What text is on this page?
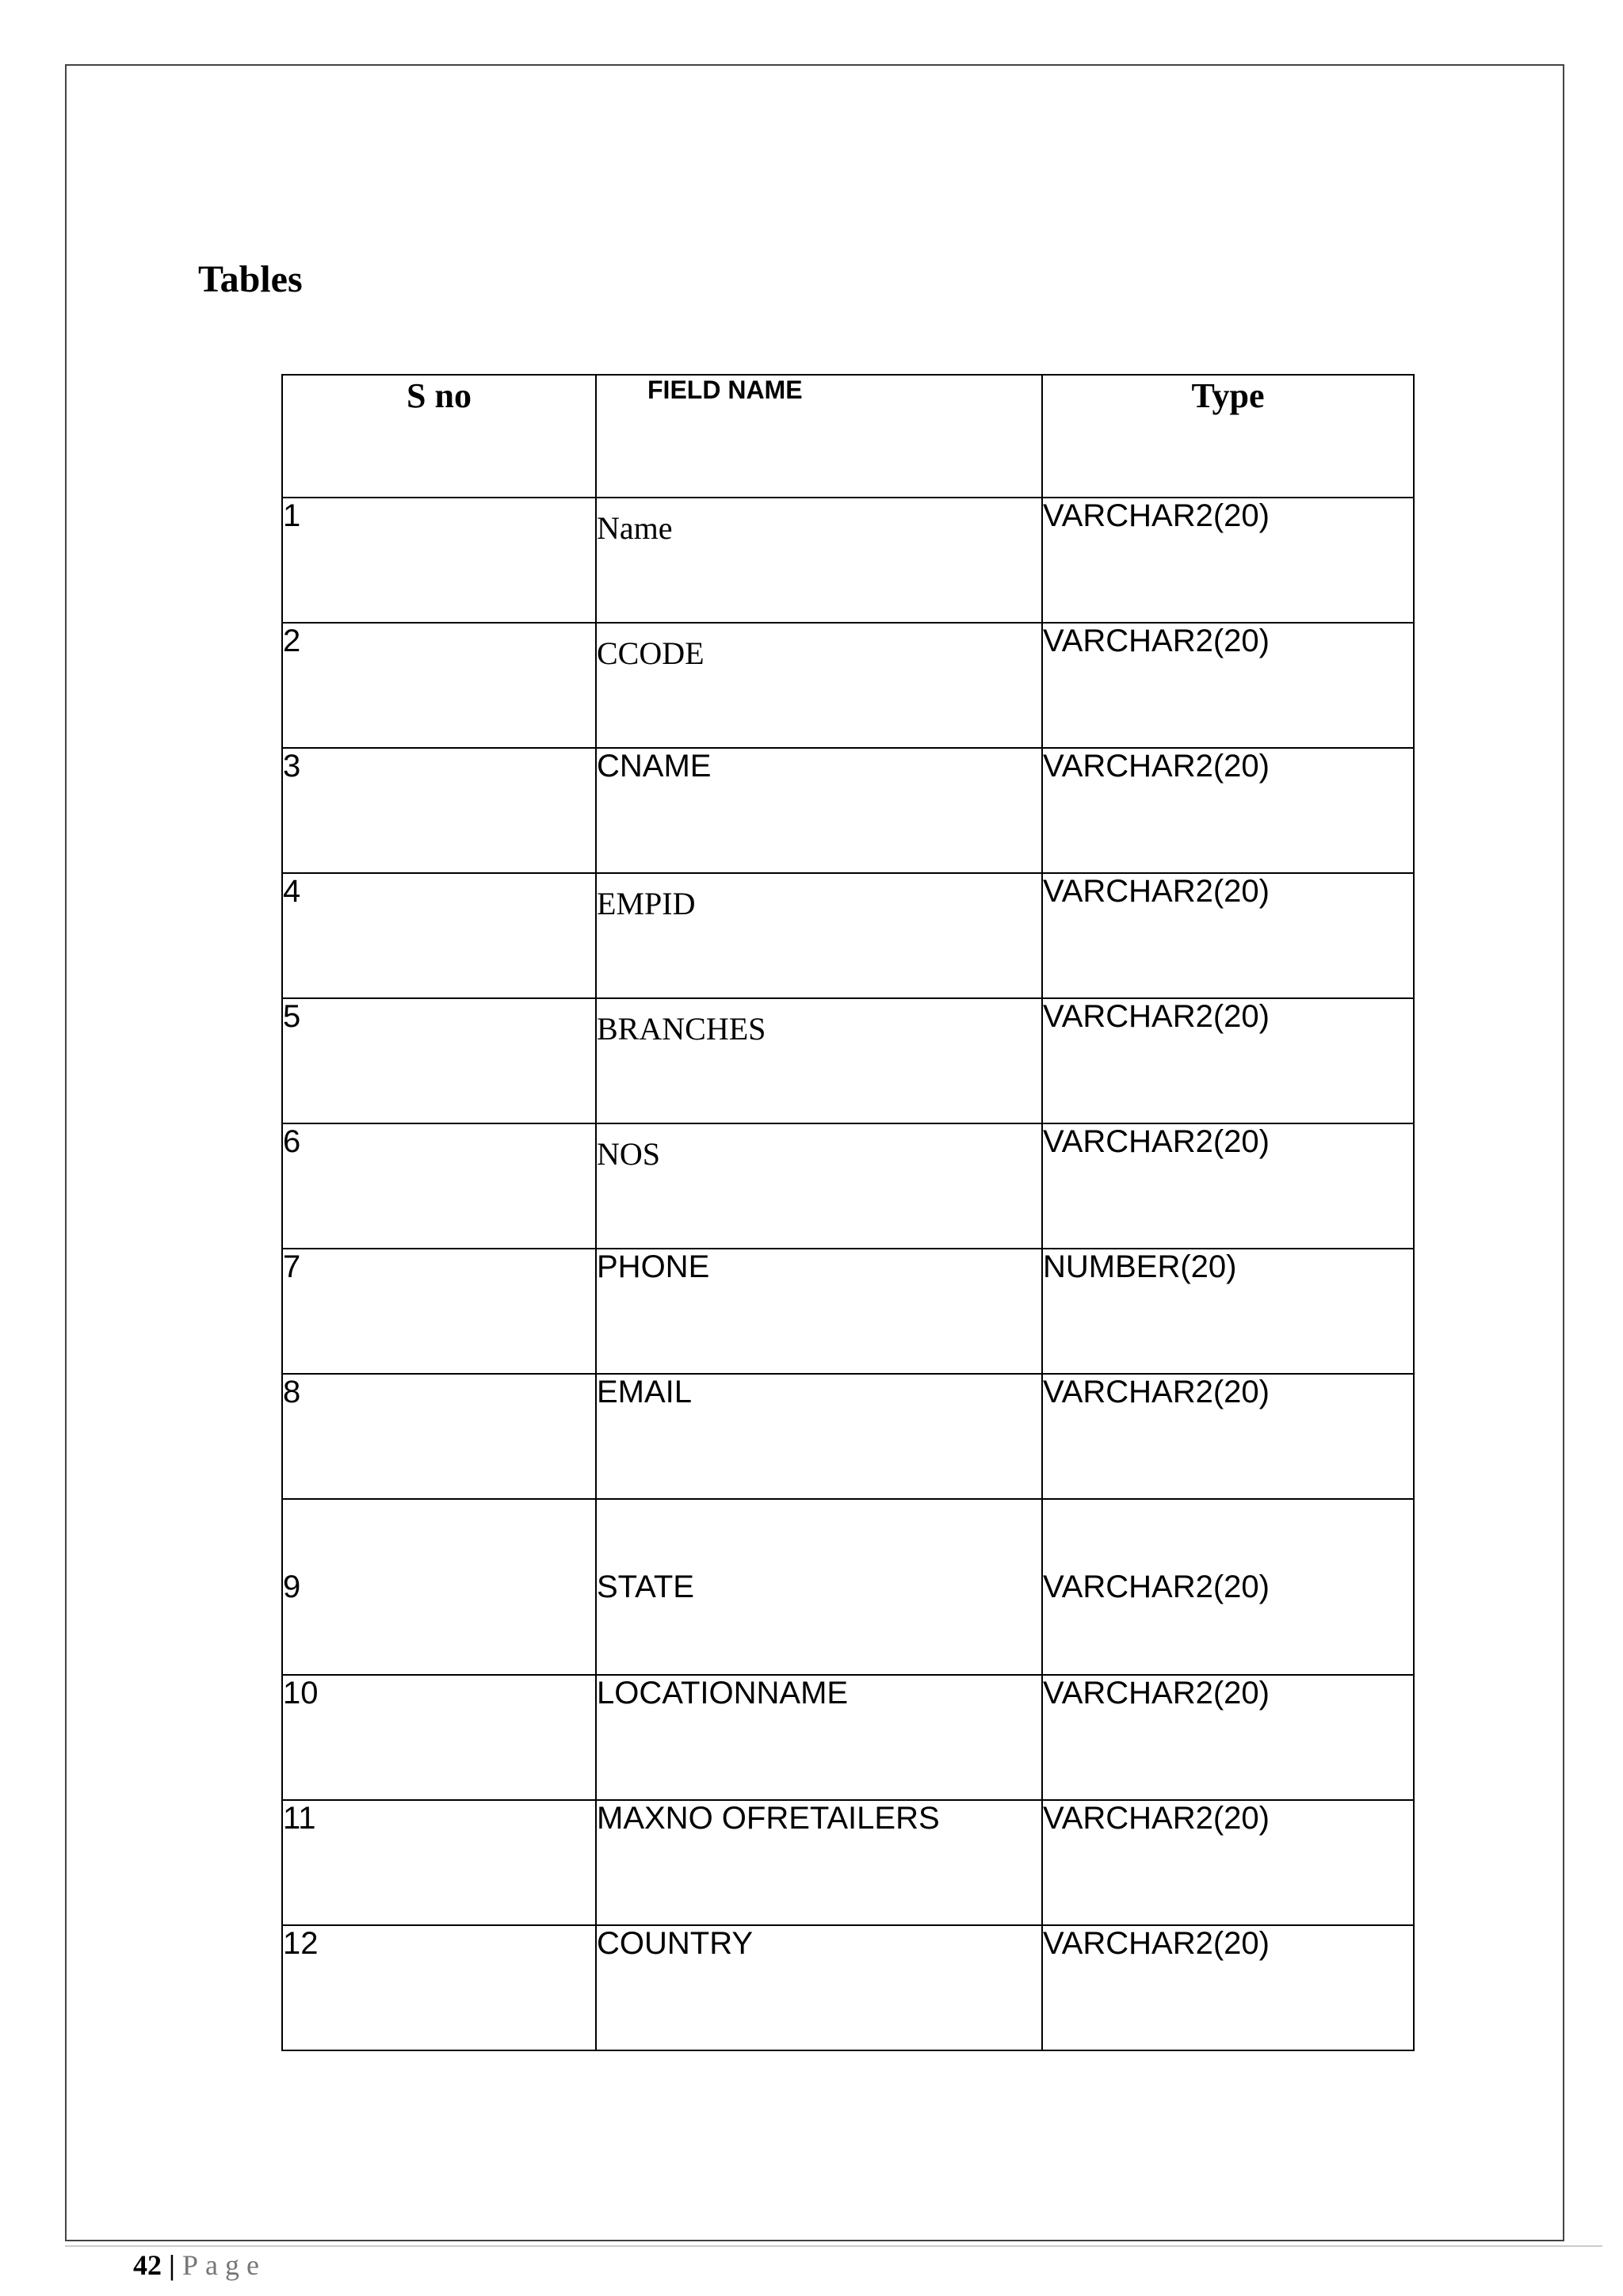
Tables
S no	FIELD NAME	Type
1	Name	VARCHAR2(20)
2	CCODE	VARCHAR2(20)
3	CNAME	VARCHAR2(20)
4	EMPID	VARCHAR2(20)
5	BRANCHES	VARCHAR2(20)
6	NOS	VARCHAR2(20)
7	PHONE	NUMBER(20)
8	EMAIL	VARCHAR2(20)
9	STATE	VARCHAR2(20)
10	LOCATIONNAME	VARCHAR2(20)
11	MAXNO OFRETAILERS	VARCHAR2(20)
12	COUNTRY	VARCHAR2(20)
42 | Page
